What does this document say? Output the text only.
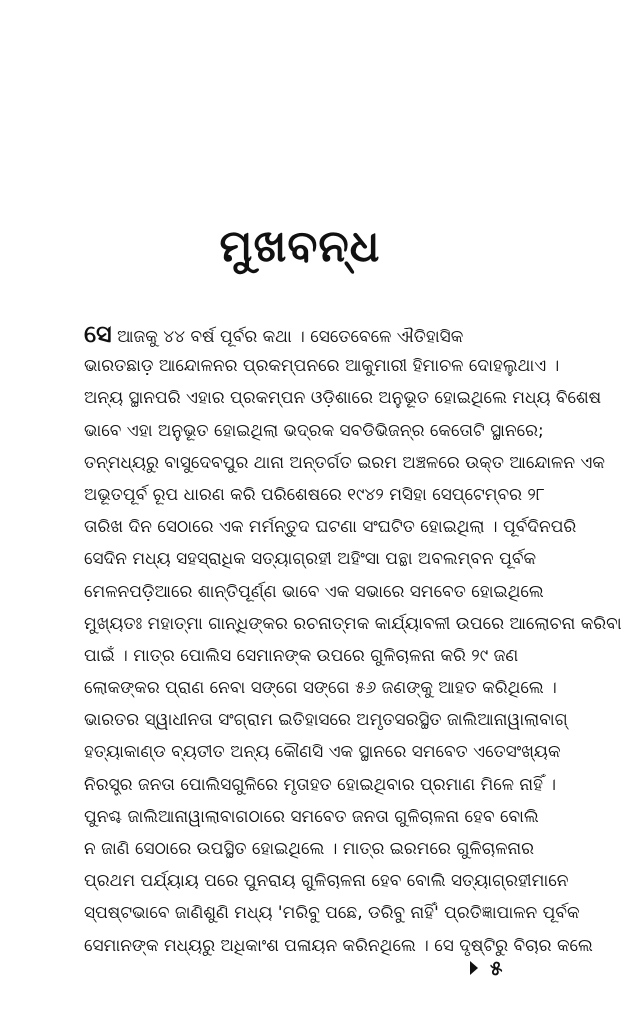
ମୁଖବନ୍ଧ
ସେ ଆଜକୁ ୪୪ ବର୍ଷ ପୂର୍ବର କଥା । ସେତେବେଳେ ଐତିହାସିକ
ଭାରତଛାଡ଼ ଆନ୍ଦୋଳନର ପ୍ରକମ୍ପନରେ ଆକୁମାରୀ ହିମାଚଳ ଦୋହଲୁଥାଏ ।
ଅନ୍ୟ ସ୍ଥାନପରି ଏହାର ପ୍ରକମ୍ପନ ଓଡ଼ିଶାରେ ଅନୁଭୂତ ହୋଇଥିଲେ ମଧ୍ୟ ବିଶେଷ
ଭାବେ ଏହା ଅନୁଭୂତ ହୋଇଥିଲା ଭଦ୍ରକ ସବଡିଭିଜନ୍‌ର କେତୋଟି ସ୍ଥାନରେ;
ତନ୍ମଧ୍ୟରୁ ବାସୁଦେବପୁର ଥାନା ଅନ୍ତର୍ଗତ ଇରମ ଅଞ୍ଚଳରେ ଉକ୍ତ ଆନ୍ଦୋଳନ ଏକ
ଅଭୂତପୂର୍ବ ରୂପ ଧାରଣ କରି ପରିଶେଷରେ ୧୯୪୨ ମସିହା ସେପ୍ଟେମ୍ବର ୨୮
ତାରିଖ ଦିନ ସେଠାରେ ଏକ ମର୍ମନ୍ତୁଦ ଘଟଣା ସଂଘଟିତ ହୋଇଥିଲା । ପୂର୍ବଦିନପରି
ସେଦିନ ମଧ୍ୟ ସହସ୍ରାଧିକ ସତ୍ୟାଗ୍ରହୀ ଅହିଂସା ପନ୍ଥା ଅବଲମ୍ବନ ପୂର୍ବକ
ମେଳନପଡ଼ିଆରେ ଶାନ୍ତିପୂର୍ଣ୍ଣ ଭାବେ ଏକ ସଭାରେ ସମବେତ ହୋଇଥିଲେ
ମୁଖ୍ୟତଃ ମହାତ୍ମା ଗାନ୍ଧିଙ୍କର ରଚନାତ୍ମକ କାର୍ଯ୍ୟାବଳୀ ଉପରେ ଆଲୋଚନା କରିବା
ପାଇଁ । ମାତ୍ର ପୋଲିସ ସେମାନଙ୍କ ଉପରେ ଗୁଳିଚାଳନା କରି ୨୯ ଜଣ
ଲୋକଙ୍କର ପ୍ରାଣ ନେବା ସଙ୍ଗେ ସଙ୍ଗେ ୫୬ ଜଣଙ୍କୁ ଆହତ କରିଥିଲେ ।
ଭାରତର ସ୍ୱାଧୀନତା ସଂଗ୍ରାମ ଇତିହାସରେ ଅମୃତସରସ୍ଥିତ ଜାଲିଆନାୱାଲାବାଗ୍‌
ହତ୍ୟାକାଣ୍ଡ ବ୍ୟତୀତ ଅନ୍ୟ କୌଣସି ଏକ ସ୍ଥାନରେ ସମବେତ ଏତେସଂଖ୍ୟକ
ନିରସ୍ତ୍ର ଜନତା ପୋଲିସଗୁଳିରେ ମୃତାହତ ହୋଇଥିବାର ପ୍ରମାଣ ମିଳେ ନାହିଁ ।
ପୁନଶ୍ଚ ଜାଲିଆନାୱାଲାବାଗଠାରେ ସମବେତ ଜନତା ଗୁଳିଚାଳନା ହେବ ବୋଲି
ନ ଜାଣି ସେଠାରେ ଉପସ୍ଥିତ ହୋଇଥିଲେ । ମାତ୍ର ଇରମରେ ଗୁଳିଚାଳନାର
ପ୍ରଥମ ପର୍ଯ୍ୟାୟ ପରେ ପୁନରାୟ ଗୁଳିଚାଳନା ହେବ ବୋଲି ସତ୍ୟାଗ୍ରହୀମାନେ
ସ୍ପଷ୍ଟଭାବେ ଜାଣିଶୁଣି ମଧ୍ୟ 'ମରିବୁ ପଛେ, ଡରିବୁ ନାହିଁ' ପ୍ରତିଜ୍ଞାପାଳନ ପୂର୍ବକ
ସେମାନଙ୍କ ମଧ୍ୟରୁ ଅଧିକାଂଶ ପଳାୟନ କରିନଥିଲେ । ସେ ଦୃଷ୍ଟିରୁ ବିଚାର କଲେ
୫
